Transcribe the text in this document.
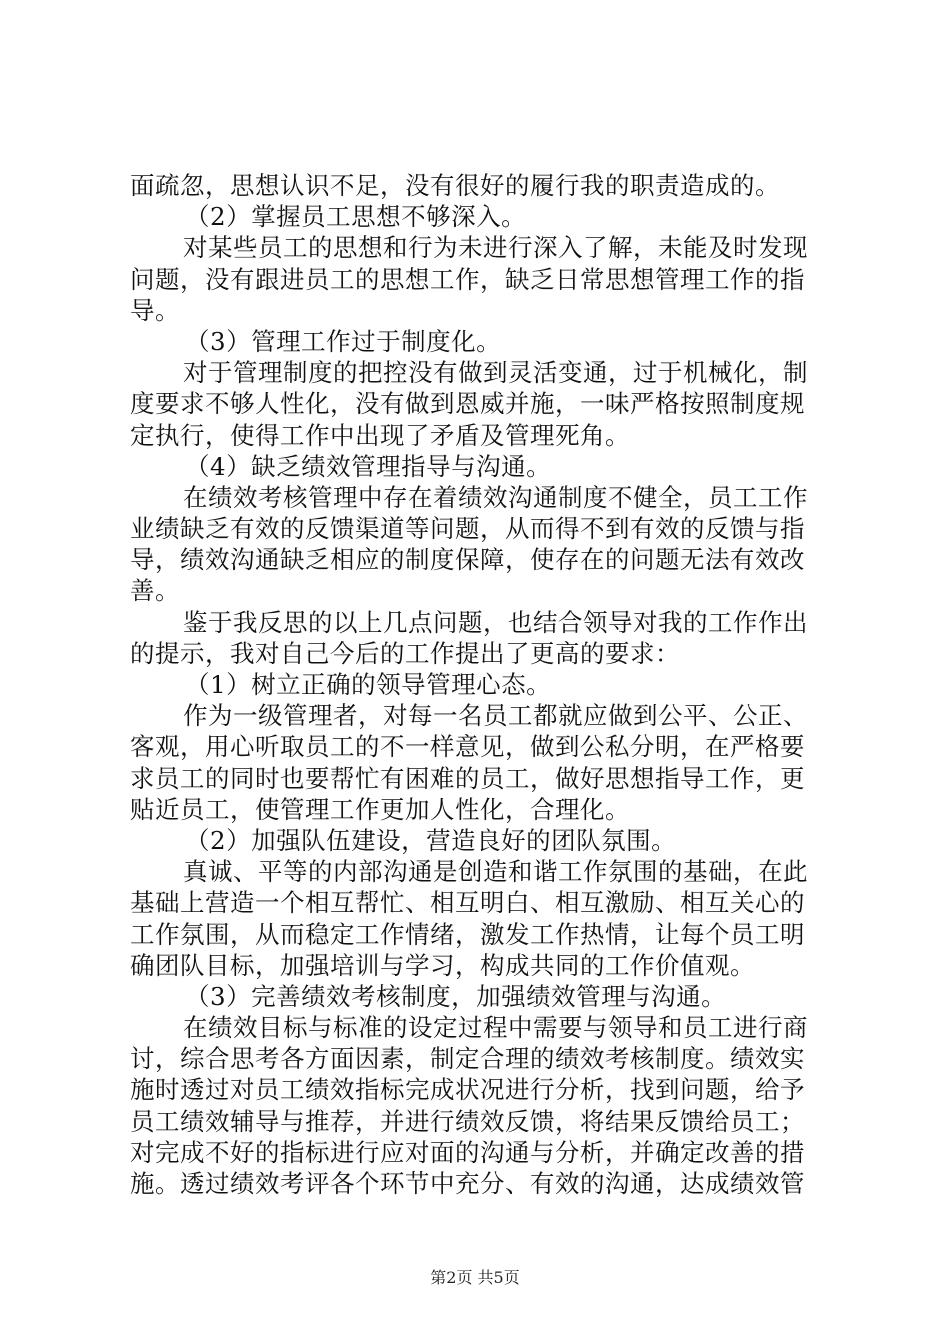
面疏忽，思想认识不足，没有很好的履行我的职责造成的。
（2）掌握员工思想不够深入。
对某些员工的思想和行为未进行深入了解，未能及时发现
问题，没有跟进员工的思想工作，缺乏日常思想管理工作的指
导。
（3）管理工作过于制度化。
对于管理制度的把控没有做到灵活变通，过于机械化，制
度要求不够人性化，没有做到恩威并施，一味严格按照制度规
定执行，使得工作中出现了矛盾及管理死角。
（4）缺乏绩效管理指导与沟通。
在绩效考核管理中存在着绩效沟通制度不健全，员工工作
业绩缺乏有效的反馈渠道等问题，从而得不到有效的反馈与指
导，绩效沟通缺乏相应的制度保障，使存在的问题无法有效改
善。
鉴于我反思的以上几点问题，也结合领导对我的工作作出
的提示，我对自己今后的工作提出了更高的要求：
（1）树立正确的领导管理心态。
作为一级管理者，对每一名员工都就应做到公平、公正、
客观，用心听取员工的不一样意见，做到公私分明，在严格要
求员工的同时也要帮忙有困难的员工，做好思想指导工作，更
贴近员工，使管理工作更加人性化，合理化。
（2）加强队伍建设，营造良好的团队氛围。
真诚、平等的内部沟通是创造和谐工作氛围的基础，在此
基础上营造一个相互帮忙、相互明白、相互激励、相互关心的
工作氛围，从而稳定工作情绪，激发工作热情，让每个员工明
确团队目标，加强培训与学习，构成共同的工作价值观。
（3）完善绩效考核制度，加强绩效管理与沟通。
在绩效目标与标准的设定过程中需要与领导和员工进行商
讨，综合思考各方面因素，制定合理的绩效考核制度。绩效实
施时透过对员工绩效指标完成状况进行分析，找到问题，给予
员工绩效辅导与推荐，并进行绩效反馈，将结果反馈给员工；
对完成不好的指标进行应对面的沟通与分析，并确定改善的措
施。透过绩效考评各个环节中充分、有效的沟通，达成绩效管
第2页 共5页
